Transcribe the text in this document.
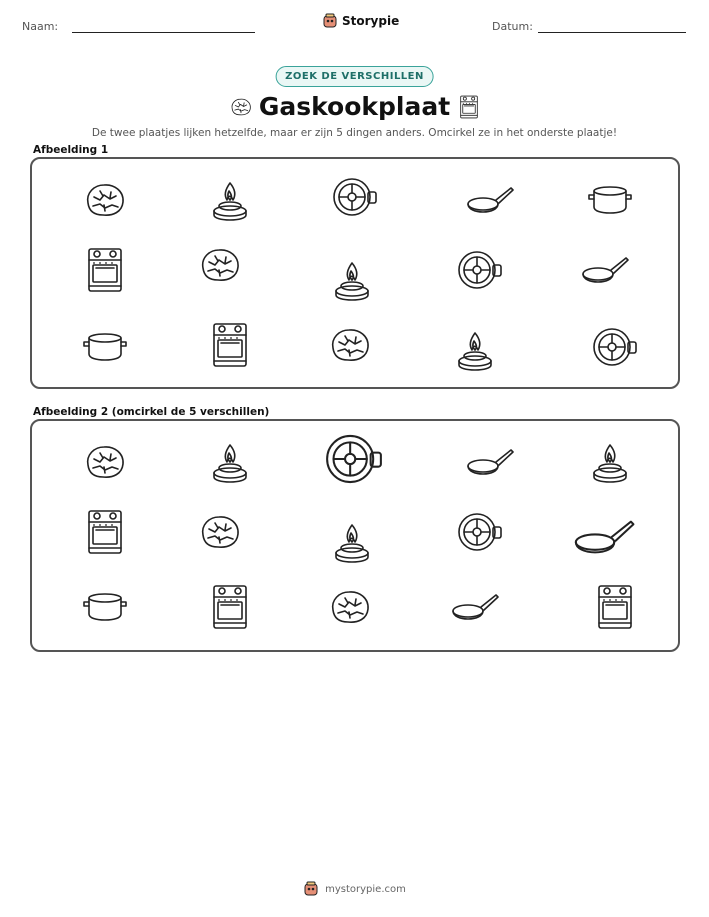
Naam:	Storypie	Datum:
ZOEK DE VERSCHILLEN
Gaskookplaat
De twee plaatjes lijken hetzelfde, maar er zijn 5 dingen anders. Omcirkel ze in het onderste plaatje!
Afbeelding 1
Afbeelding 2 (omcirkel de 5 verschillen)
mystorypie.com
